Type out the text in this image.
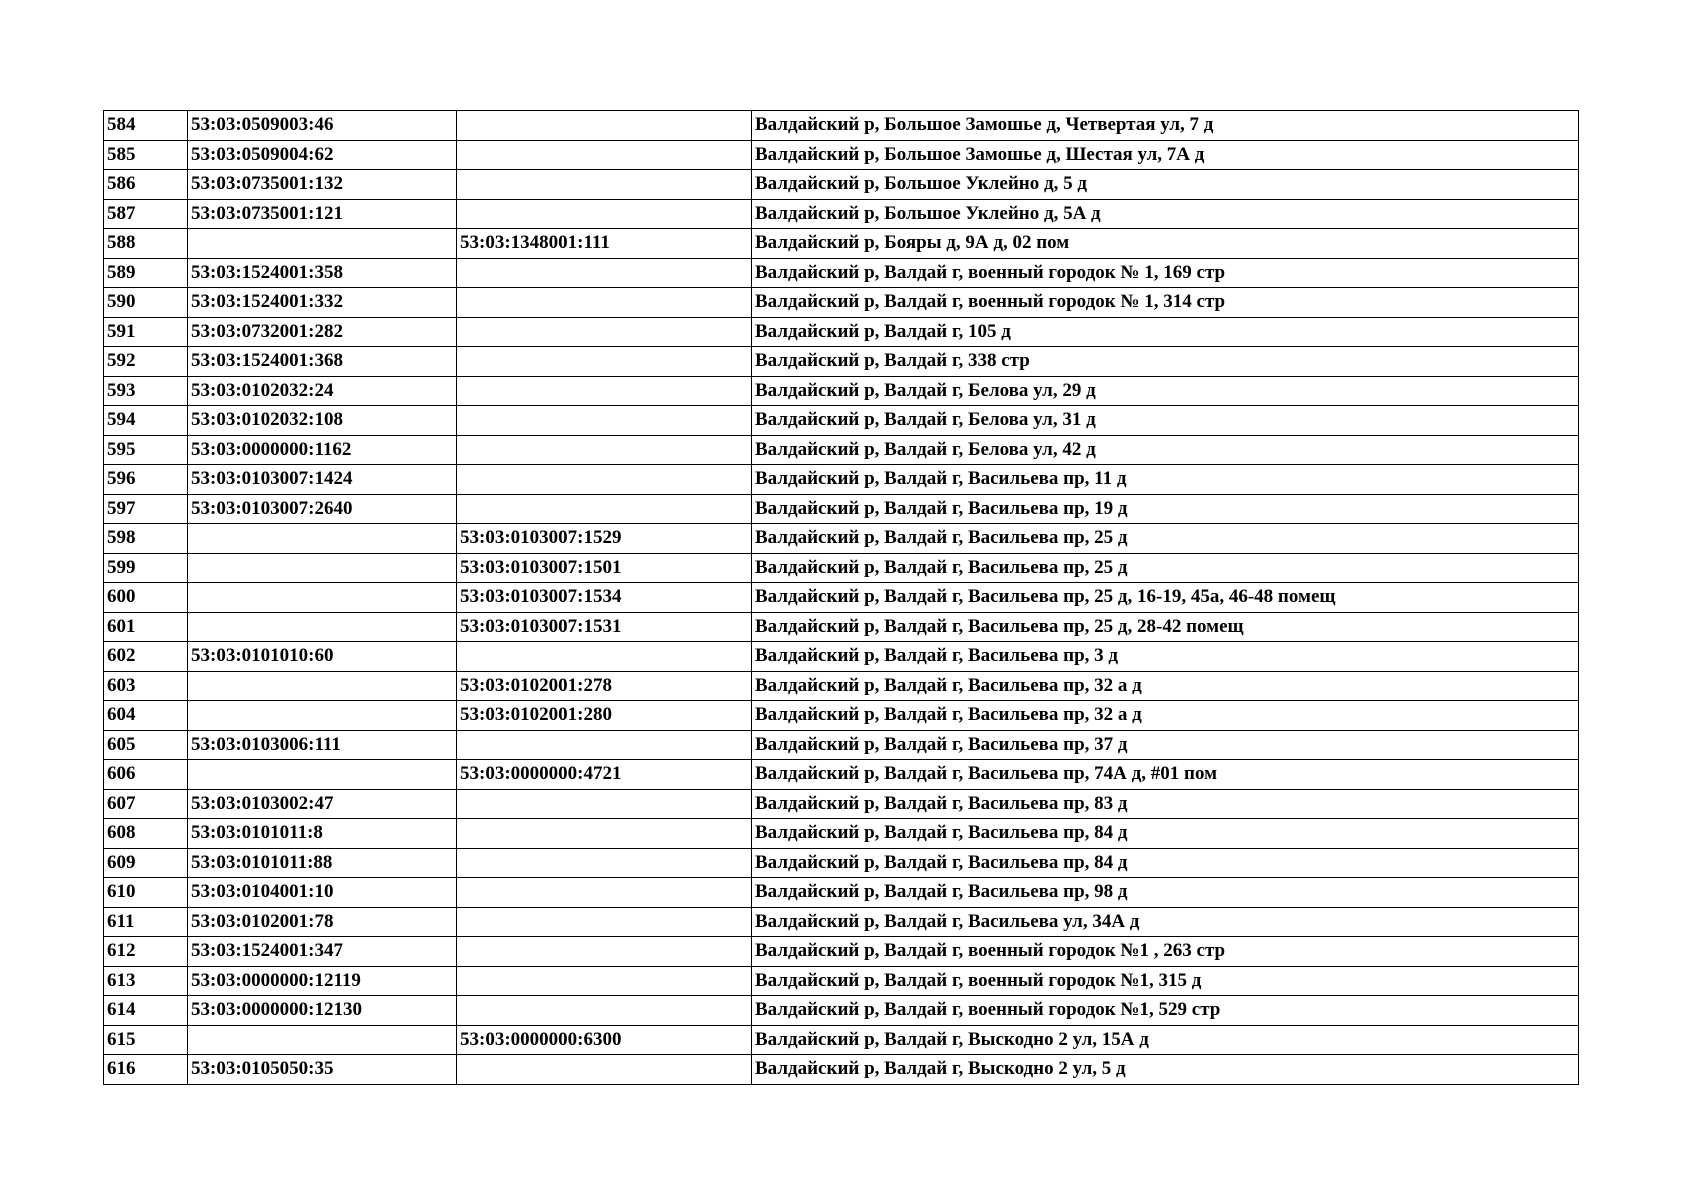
584	53:03:0509003:46		Валдайский р, Большое Замошье д, Четвертая ул, 7 д
585	53:03:0509004:62		Валдайский р, Большое Замошье д, Шестая ул, 7А д
586	53:03:0735001:132		Валдайский р, Большое Уклейно д, 5 д
587	53:03:0735001:121		Валдайский р, Большое Уклейно д, 5А д
588		53:03:1348001:111	Валдайский р, Бояры д, 9А д, 02 пом
589	53:03:1524001:358		Валдайский р, Валдай г, военный городок № 1, 169 стр
590	53:03:1524001:332		Валдайский р, Валдай г, военный городок № 1, 314 стр
591	53:03:0732001:282		Валдайский р, Валдай г, 105 д
592	53:03:1524001:368		Валдайский р, Валдай г, 338 стр
593	53:03:0102032:24		Валдайский р, Валдай г, Белова ул, 29 д
594	53:03:0102032:108		Валдайский р, Валдай г, Белова ул, 31 д
595	53:03:0000000:1162		Валдайский р, Валдай г, Белова ул, 42 д
596	53:03:0103007:1424		Валдайский р, Валдай г, Васильева пр, 11 д
597	53:03:0103007:2640		Валдайский р, Валдай г, Васильева пр, 19 д
598		53:03:0103007:1529	Валдайский р, Валдай г, Васильева пр, 25 д
599		53:03:0103007:1501	Валдайский р, Валдай г, Васильева пр, 25 д
600		53:03:0103007:1534	Валдайский р, Валдай г, Васильева пр, 25 д, 16-19, 45а, 46-48 помещ
601		53:03:0103007:1531	Валдайский р, Валдай г, Васильева пр, 25 д, 28-42 помещ
602	53:03:0101010:60		Валдайский р, Валдай г, Васильева пр, 3 д
603		53:03:0102001:278	Валдайский р, Валдай г, Васильева пр, 32 а д
604		53:03:0102001:280	Валдайский р, Валдай г, Васильева пр, 32 а д
605	53:03:0103006:111		Валдайский р, Валдай г, Васильева пр, 37 д
606		53:03:0000000:4721	Валдайский р, Валдай г, Васильева пр, 74А д, #01 пом
607	53:03:0103002:47		Валдайский р, Валдай г, Васильева пр, 83 д
608	53:03:0101011:8		Валдайский р, Валдай г, Васильева пр, 84 д
609	53:03:0101011:88		Валдайский р, Валдай г, Васильева пр, 84 д
610	53:03:0104001:10		Валдайский р, Валдай г, Васильева пр, 98 д
611	53:03:0102001:78		Валдайский р, Валдай г, Васильева ул, 34А д
612	53:03:1524001:347		Валдайский р, Валдай г, военный городок №1 , 263 стр
613	53:03:0000000:12119		Валдайский р, Валдай г, военный городок №1, 315 д
614	53:03:0000000:12130		Валдайский р, Валдай г, военный городок №1, 529 стр
615		53:03:0000000:6300	Валдайский р, Валдай г, Выскодно 2 ул, 15А д
616	53:03:0105050:35		Валдайский р, Валдай г, Выскодно 2 ул, 5 д
